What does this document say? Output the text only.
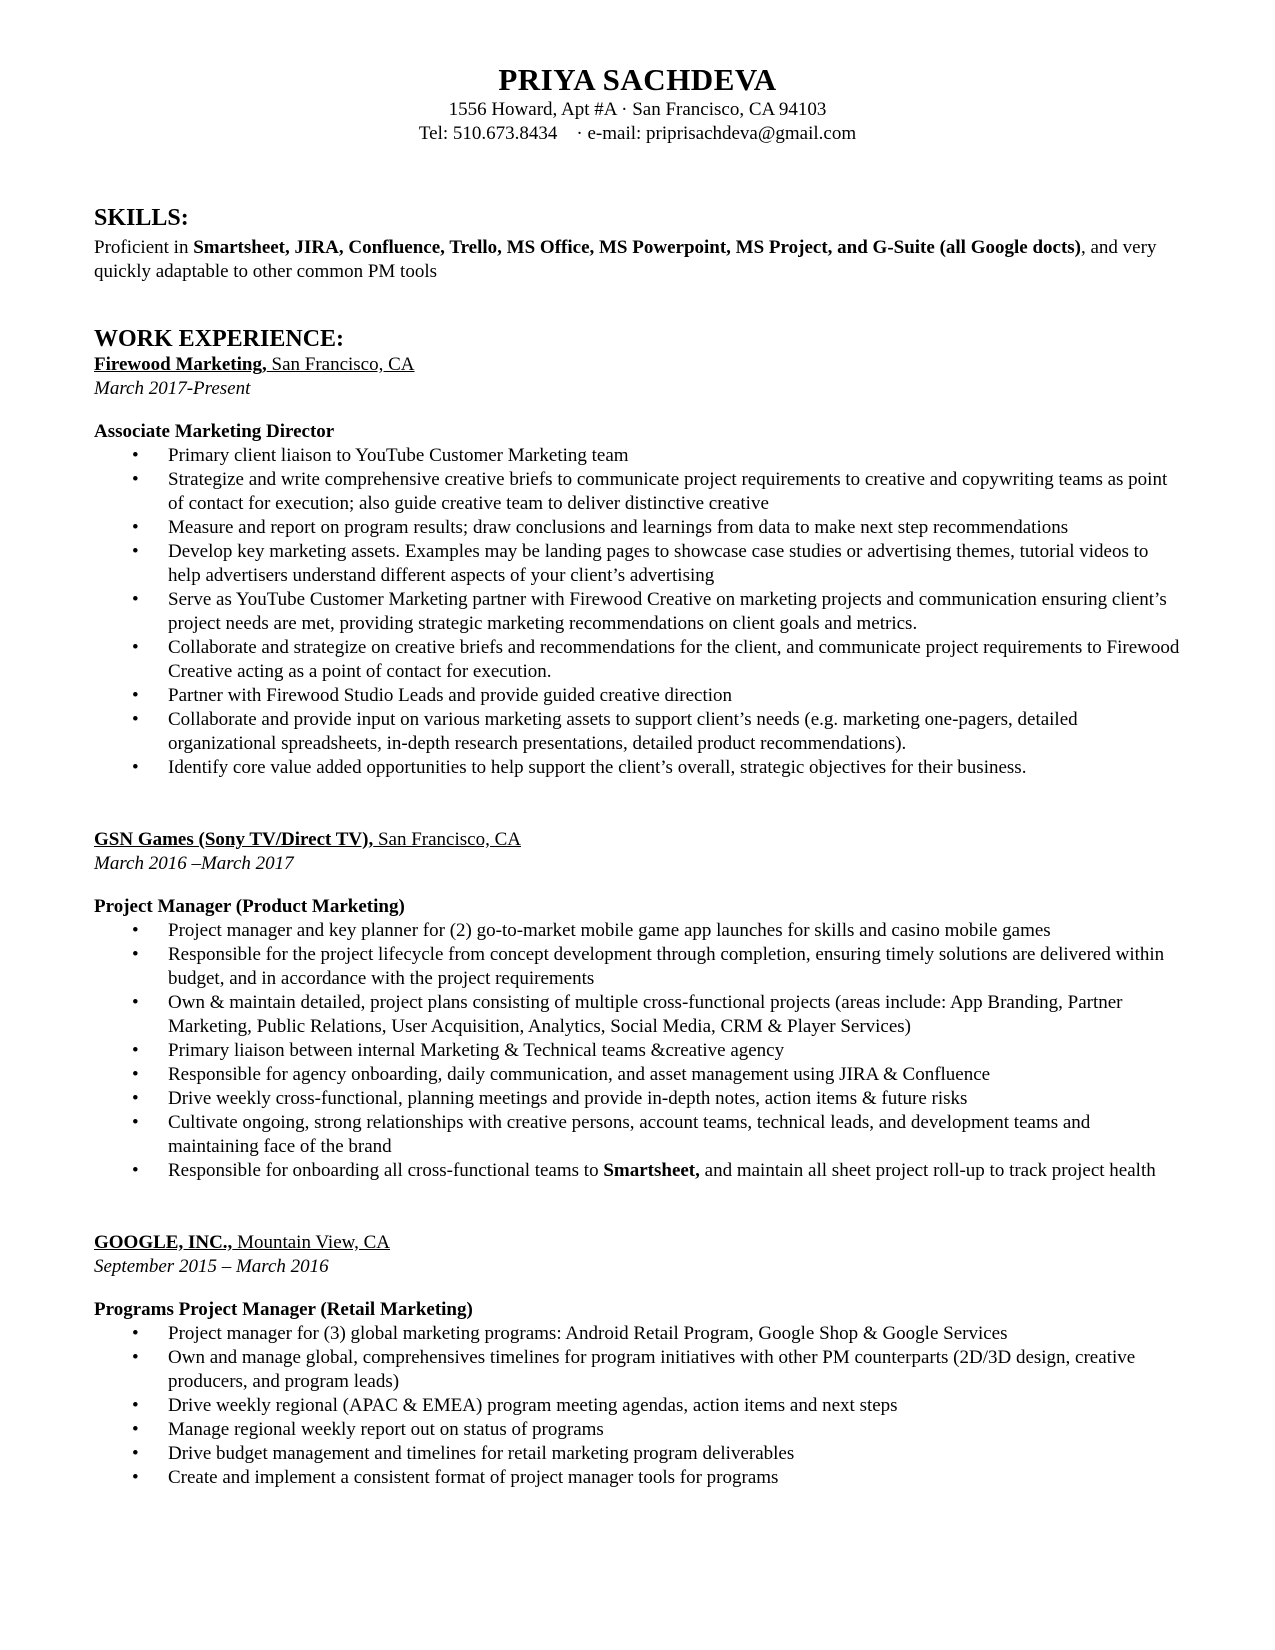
PRIYA SACHDEVA
1556 Howard, Apt #A · San Francisco, CA 94103
Tel: 510.673.8434    · e-mail: priprisachdeva@gmail.com
SKILLS:

Proficient in Smartsheet, JIRA, Confluence, Trello, MS Office, MS Powerpoint, MS Project, and G-Suite (all Google docts), and very quickly adaptable to other common PM tools

WORK EXPERIENCE:
Firewood Marketing, San Francisco, CA
March 2017-Present
Associate Marketing Director
• Primary client liaison to YouTube Customer Marketing team
• Strategize and write comprehensive creative briefs to communicate project requirements to creative and copywriting teams as point of contact for execution; also guide creative team to deliver distinctive creative
• Measure and report on program results; draw conclusions and learnings from data to make next step recommendations
• Develop key marketing assets. Examples may be landing pages to showcase case studies or advertising themes, tutorial videos to help advertisers understand different aspects of your client’s advertising
• Serve as YouTube Customer Marketing partner with Firewood Creative on marketing projects and communication ensuring client’s project needs are met, providing strategic marketing recommendations on client goals and metrics.
• Collaborate and strategize on creative briefs and recommendations for the client, and communicate project requirements to Firewood Creative acting as a point of contact for execution.
• Partner with Firewood Studio Leads and provide guided creative direction
• Collaborate and provide input on various marketing assets to support client’s needs (e.g. marketing one-pagers, detailed organizational spreadsheets, in-depth research presentations, detailed product recommendations).
• Identify core value added opportunities to help support the client’s overall, strategic objectives for their business.
GSN Games (Sony TV/Direct TV), San Francisco, CA
March 2016 –March 2017
Project Manager (Product Marketing)
• Project manager and key planner for (2) go-to-market mobile game app launches for skills and casino mobile games
• Responsible for the project lifecycle from concept development through completion, ensuring timely solutions are delivered within budget, and in accordance with the project requirements
• Own & maintain detailed, project plans consisting of multiple cross-functional projects (areas include: App Branding, Partner Marketing, Public Relations, User Acquisition, Analytics, Social Media, CRM & Player Services)
• Primary liaison between internal Marketing & Technical teams &creative agency
• Responsible for agency onboarding, daily communication, and asset management using JIRA & Confluence
• Drive weekly cross-functional, planning meetings and provide in-depth notes, action items & future risks
• Cultivate ongoing, strong relationships with creative persons, account teams, technical leads, and development teams and maintaining face of the brand
• Responsible for onboarding all cross-functional teams to Smartsheet, and maintain all sheet project roll-up to track project health
GOOGLE, INC., Mountain View, CA
September 2015 – March 2016
Programs Project Manager (Retail Marketing)
• Project manager for (3) global marketing programs: Android Retail Program, Google Shop & Google Services
• Own and manage global, comprehensives timelines for program initiatives with other PM counterparts (2D/3D design, creative producers, and program leads)
• Drive weekly regional (APAC & EMEA) program meeting agendas, action items and next steps
• Manage regional weekly report out on status of programs
• Drive budget management and timelines for retail marketing program deliverables
• Create and implement a consistent format of project manager tools for programs
